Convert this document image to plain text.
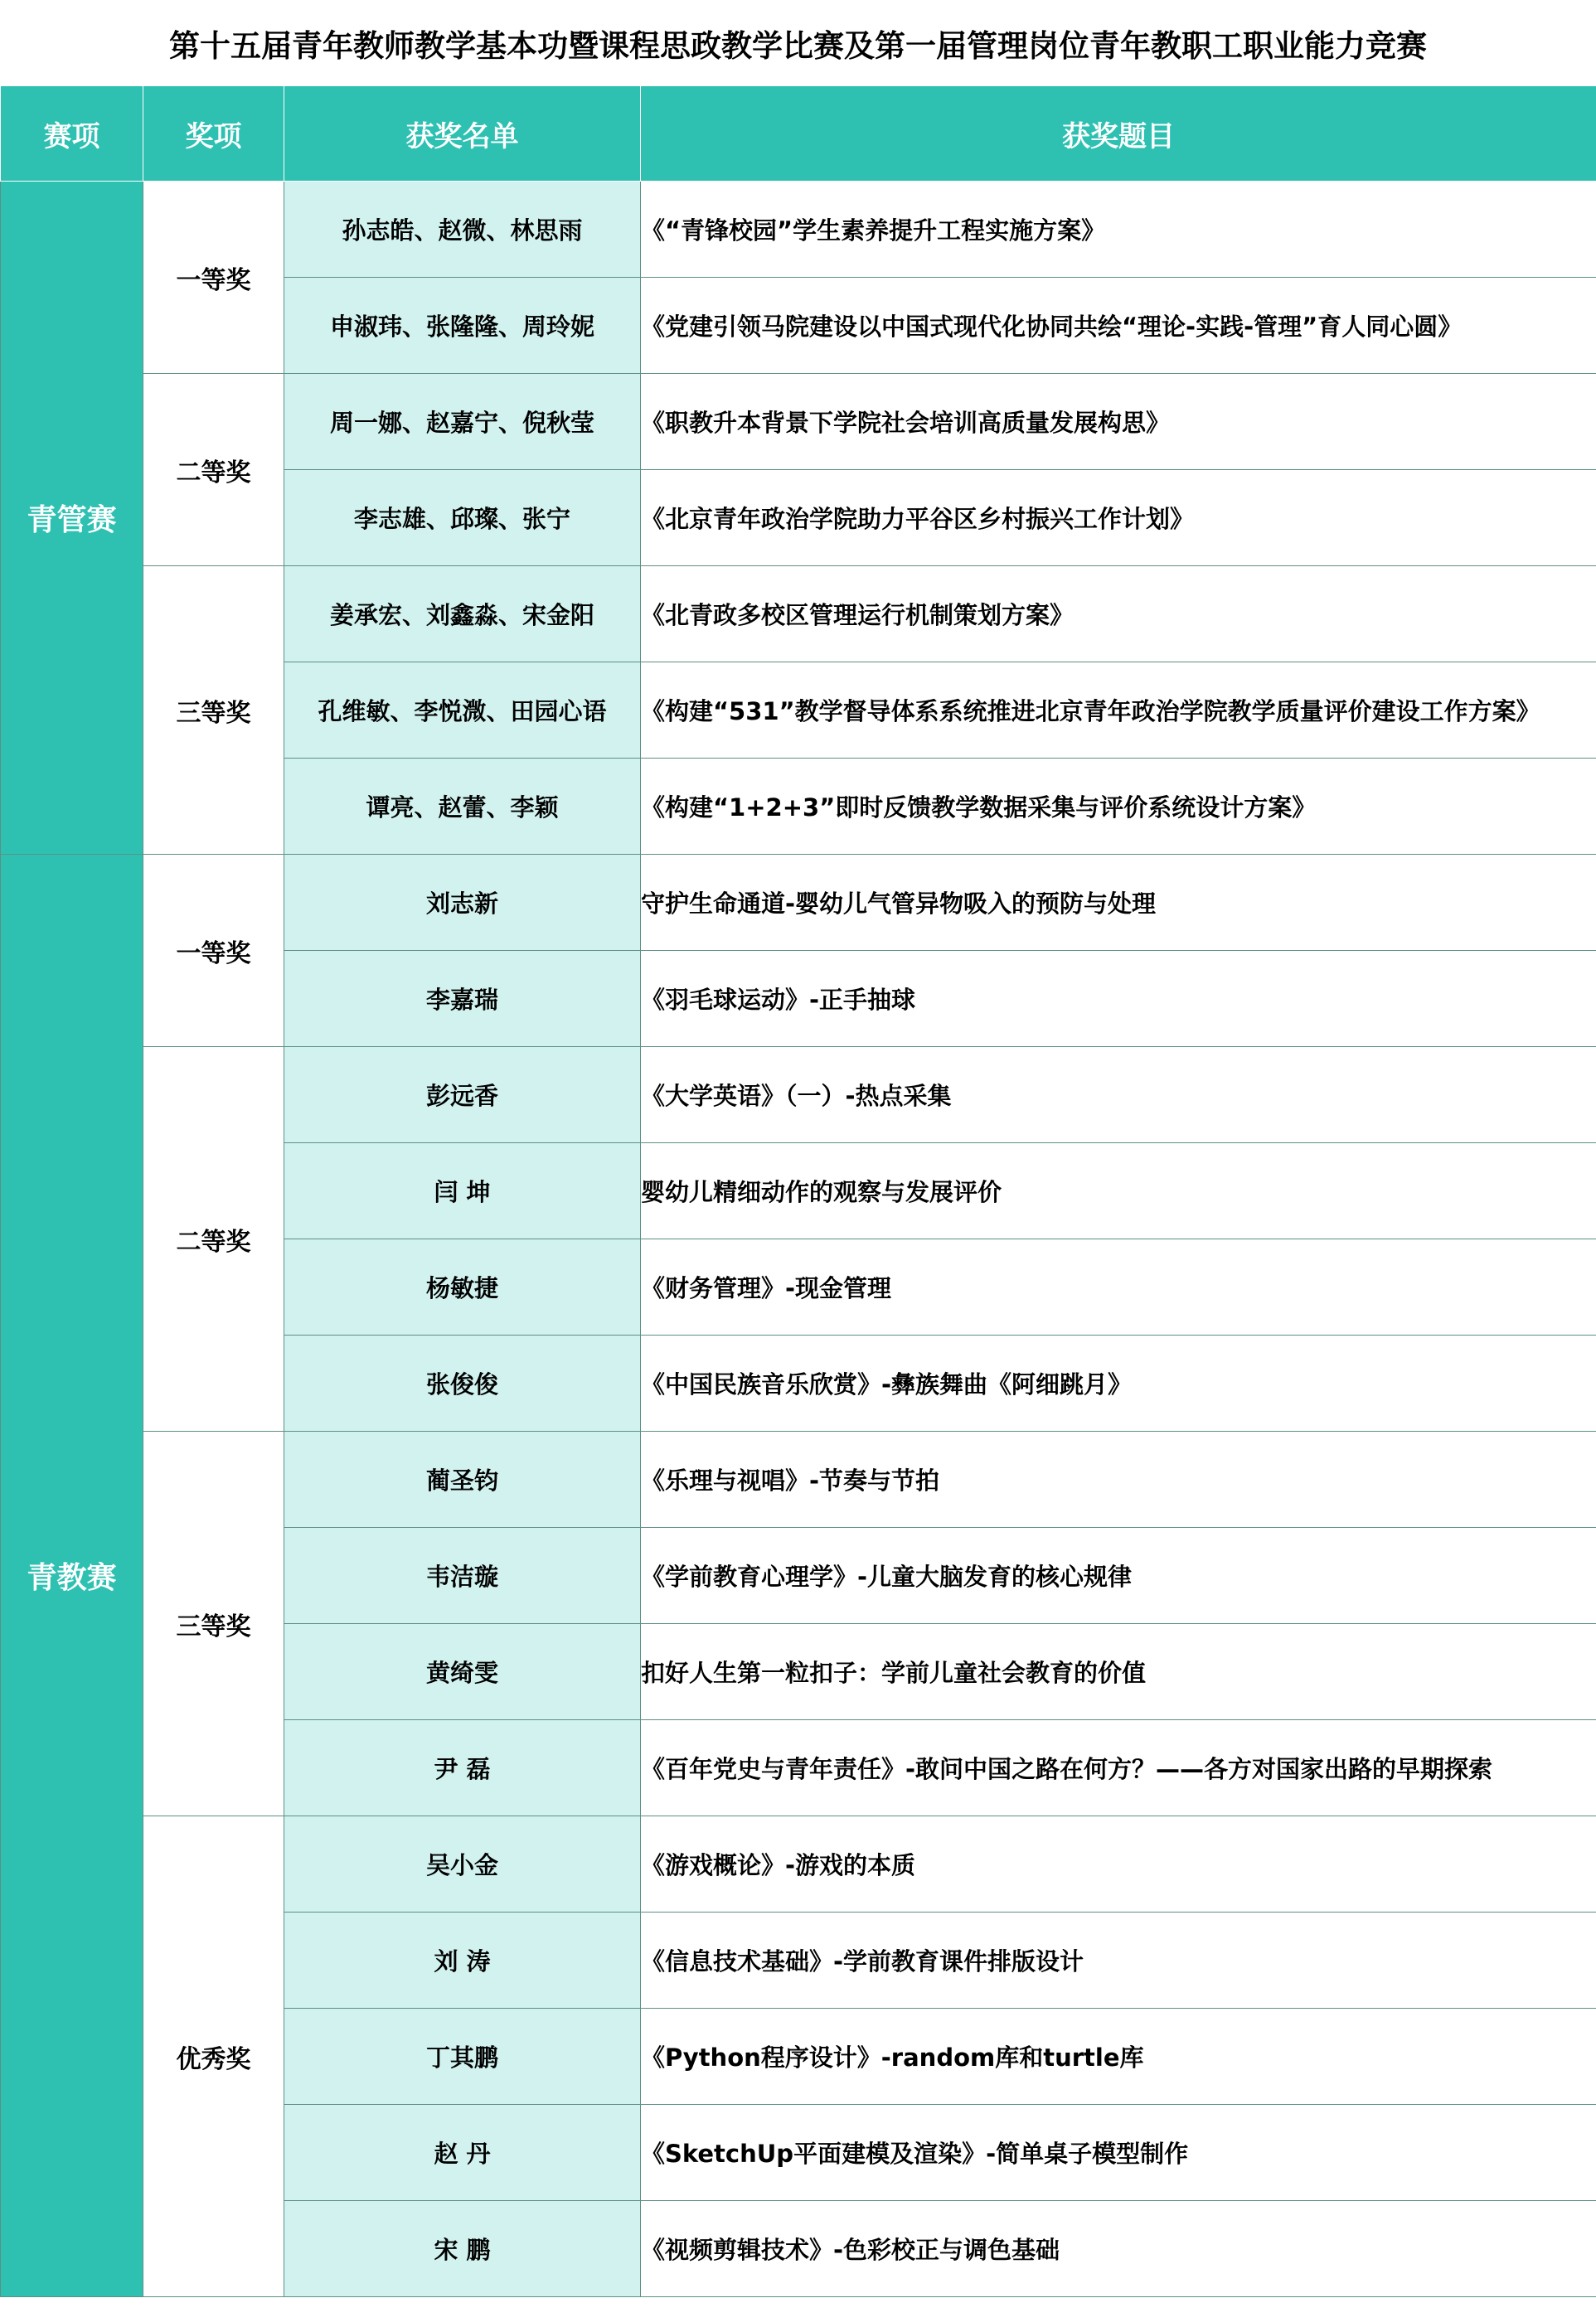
第十五届青年教师教学基本功暨课程思政教学比赛及第一届管理岗位青年教职工职业能力竞赛
赛项	奖项	获奖名单	获奖题目
青管赛	一等奖	孙志皓、赵微、林思雨	《“青锋校园”学生素养提升工程实施方案》
		申淑玮、张隆隆、周玲妮	《党建引领马院建设以中国式现代化协同共绘“理论-实践-管理”育人同心圆》
	二等奖	周一娜、赵嘉宁、倪秋莹	《职教升本背景下学院社会培训高质量发展构思》
		李志雄、邱璨、张宁	《北京青年政治学院助力平谷区乡村振兴工作计划》
	三等奖	姜承宏、刘鑫淼、宋金阳	《北青政多校区管理运行机制策划方案》
		孔维敏、李悦溦、田园心语	《构建“531”教学督导体系系统推进北京青年政治学院教学质量评价建设工作方案》
		谭亮、赵蕾、李颖	《构建“1+2+3”即时反馈教学数据采集与评价系统设计方案》
青教赛	一等奖	刘志新	守护生命通道-婴幼儿气管异物吸入的预防与处理
		李嘉瑞	《羽毛球运动》-正手抽球
	二等奖	彭远香	《大学英语》（一）-热点采集
		闫 坤	婴幼儿精细动作的观察与发展评价
		杨敏捷	《财务管理》-现金管理
		张俊俊	《中国民族音乐欣赏》-彝族舞曲《阿细跳月》
	三等奖	蔺圣钧	《乐理与视唱》-节奏与节拍
		韦洁璇	《学前教育心理学》-儿童大脑发育的核心规律
		黄绮雯	扣好人生第一粒扣子：学前儿童社会教育的价值
		尹 磊	《百年党史与青年责任》-敢问中国之路在何方？——各方对国家出路的早期探索
	优秀奖	吴小金	《游戏概论》-游戏的本质
		刘 涛	《信息技术基础》-学前教育课件排版设计
		丁其鹏	《Python程序设计》-random库和turtle库
		赵 丹	《SketchUp平面建模及渲染》-简单桌子模型制作
		宋 鹏	《视频剪辑技术》-色彩校正与调色基础
